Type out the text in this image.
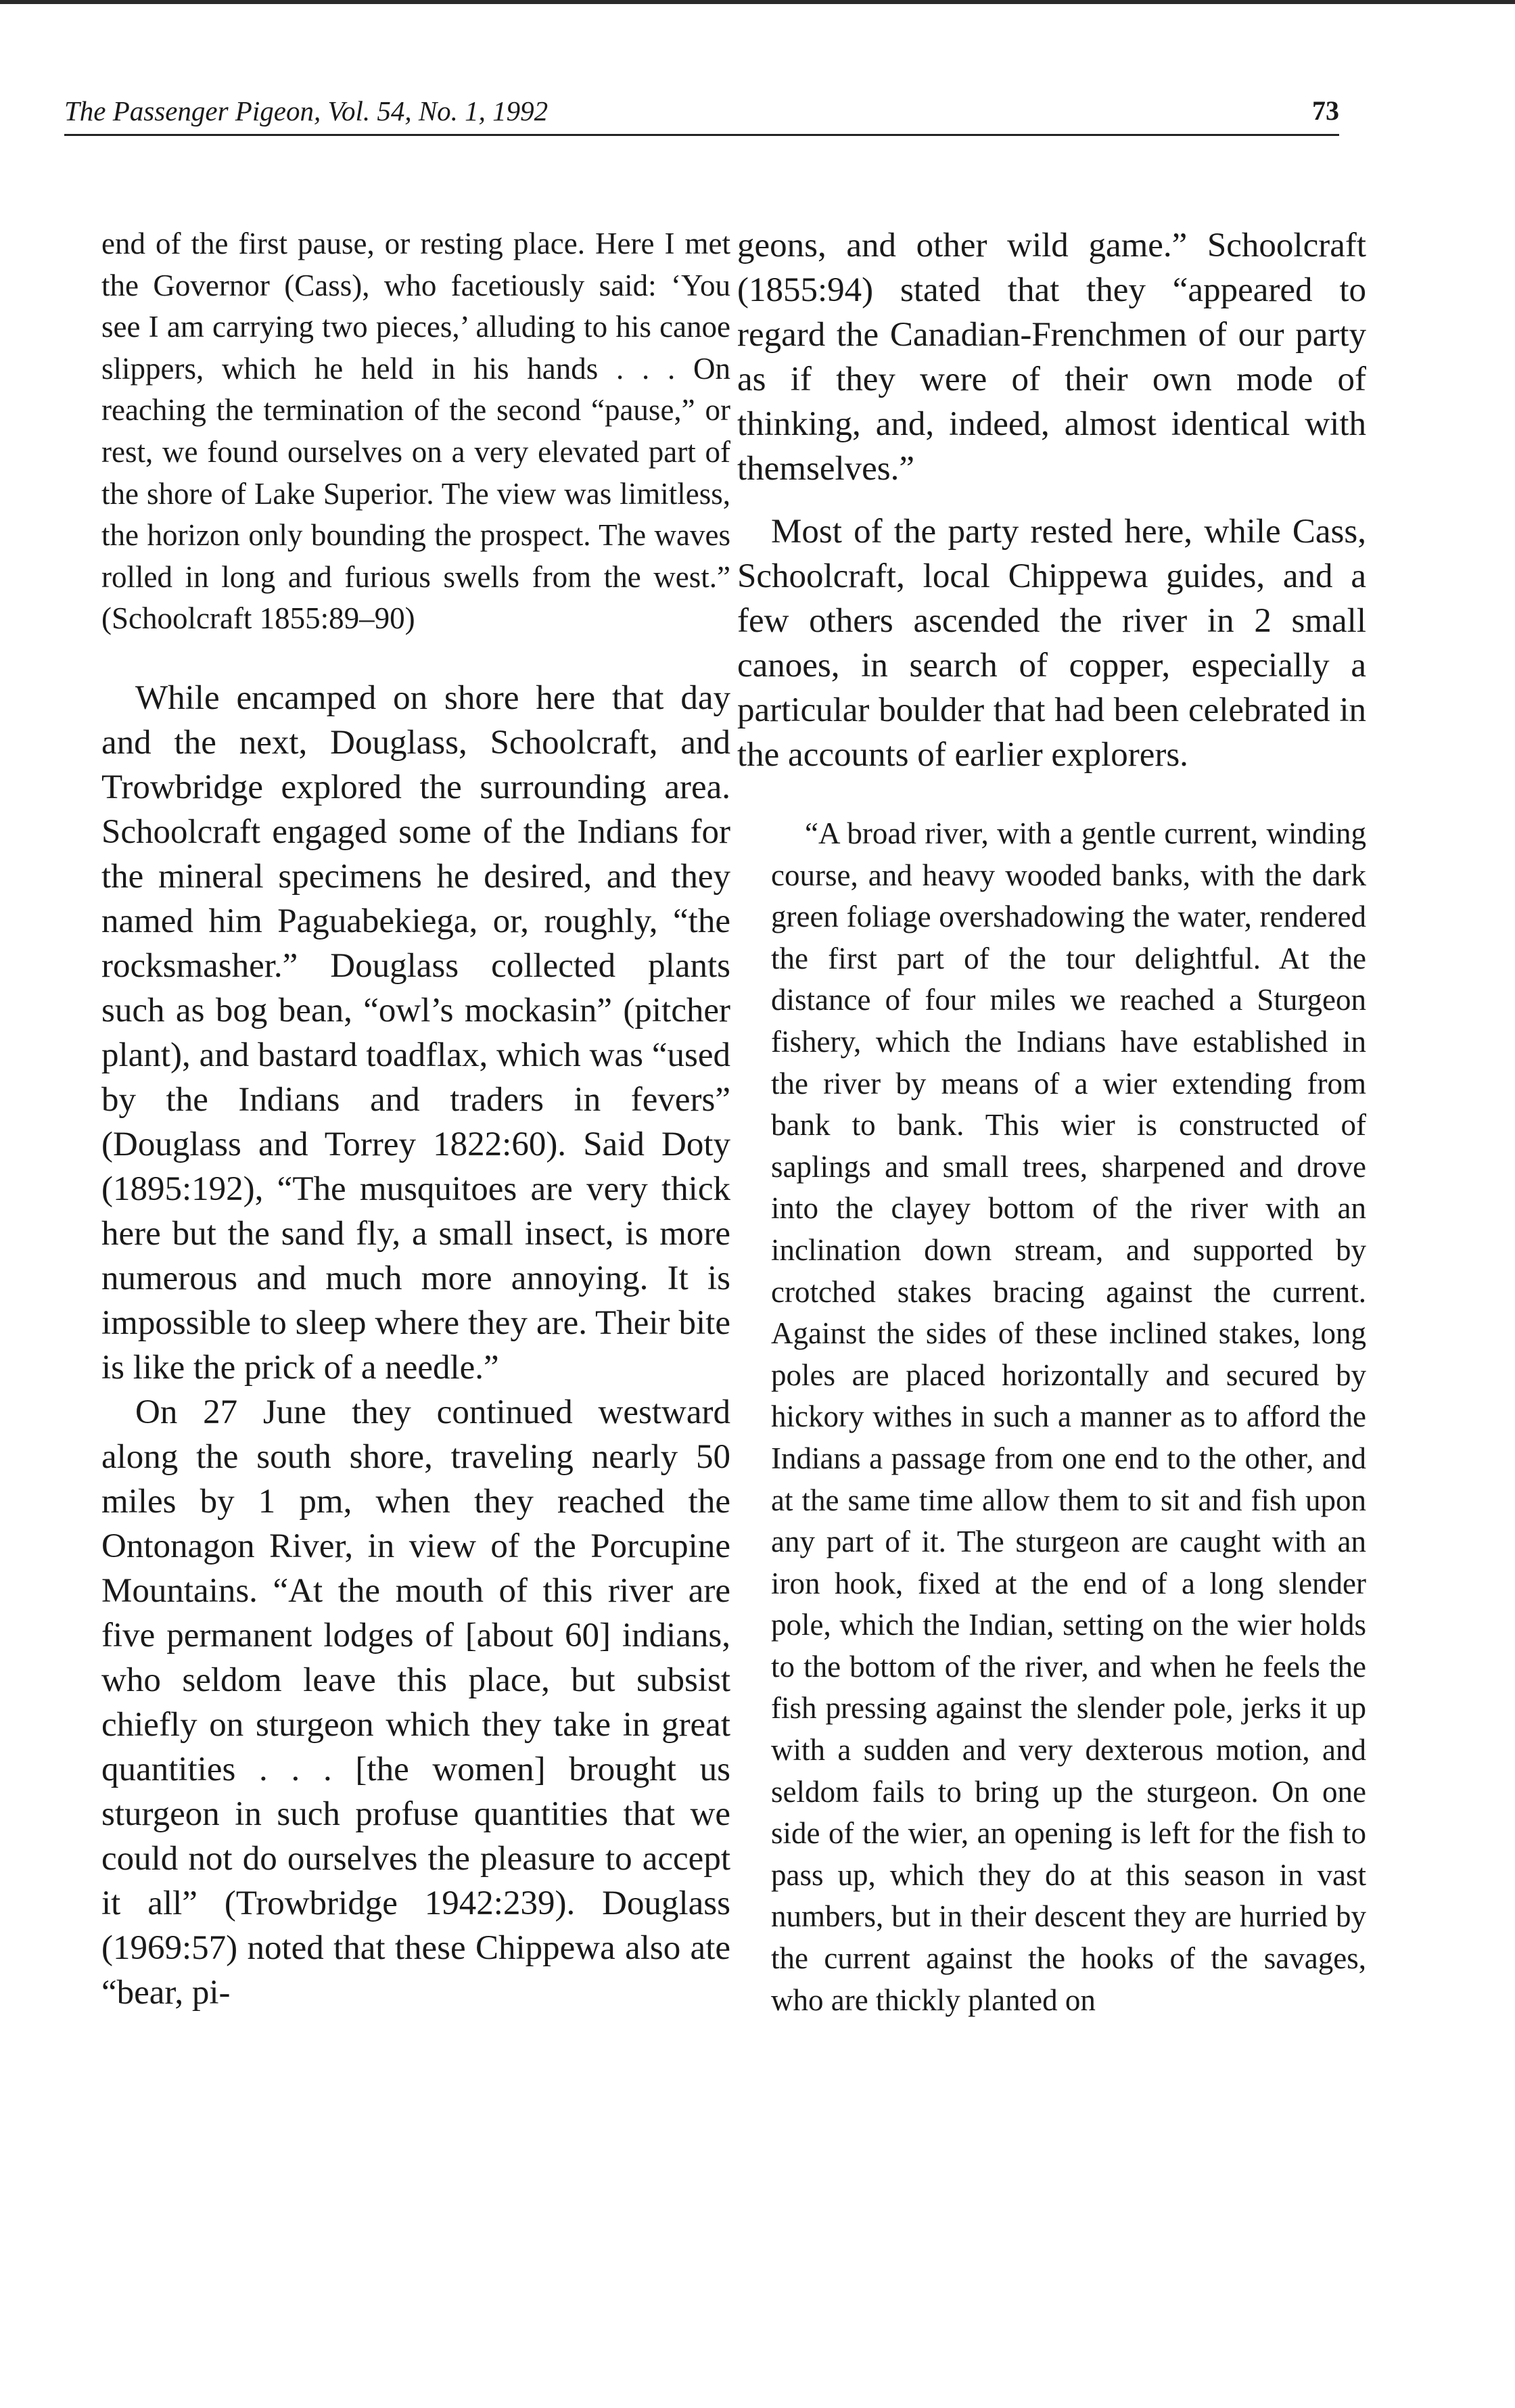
The Passenger Pigeon, Vol. 54, No. 1, 1992	73

end of the first pause, or resting place. Here I met the Governor (Cass), who facetiously said: ‘You see I am carrying two pieces,’ alluding to his canoe slippers, which he held in his hands . . . On reaching the termination of the second “pause,” or rest, we found ourselves on a very elevated part of the shore of Lake Superior. The view was limitless, the horizon only bounding the prospect. The waves rolled in long and furious swells from the west.” (Schoolcraft 1855:89–90)

While encamped on shore here that day and the next, Douglass, Schoolcraft, and Trowbridge explored the surrounding area. Schoolcraft engaged some of the Indians for the mineral specimens he desired, and they named him Paguabekiega, or, roughly, “the rocksmasher.” Douglass collected plants such as bog bean, “owl’s mockasin” (pitcher plant), and bastard toadflax, which was “used by the Indians and traders in fevers” (Douglass and Torrey 1822:60). Said Doty (1895:192), “The musquitoes are very thick here but the sand fly, a small insect, is more numerous and much more annoying. It is impossible to sleep where they are. Their bite is like the prick of a needle.”

On 27 June they continued westward along the south shore, traveling nearly 50 miles by 1 pm, when they reached the Ontonagon River, in view of the Porcupine Mountains. “At the mouth of this river are five permanent lodges of [about 60] indians, who seldom leave this place, but subsist chiefly on sturgeon which they take in great quantities . . . [the women] brought us sturgeon in such profuse quantities that we could not do ourselves the pleasure to accept it all” (Trowbridge 1942:239). Douglass (1969:57) noted that these Chippewa also ate “bear, pi-

geons, and other wild game.” Schoolcraft (1855:94) stated that they “appeared to regard the Canadian-Frenchmen of our party as if they were of their own mode of thinking, and, indeed, almost identical with themselves.”

Most of the party rested here, while Cass, Schoolcraft, local Chippewa guides, and a few others ascended the river in 2 small canoes, in search of copper, especially a particular boulder that had been celebrated in the accounts of earlier explorers.

“A broad river, with a gentle current, winding course, and heavy wooded banks, with the dark green foliage overshadowing the water, rendered the first part of the tour delightful. At the distance of four miles we reached a Sturgeon fishery, which the Indians have established in the river by means of a wier extending from bank to bank. This wier is constructed of saplings and small trees, sharpened and drove into the clayey bottom of the river with an inclination down stream, and supported by crotched stakes bracing against the current. Against the sides of these inclined stakes, long poles are placed horizontally and secured by hickory withes in such a manner as to afford the Indians a passage from one end to the other, and at the same time allow them to sit and fish upon any part of it. The sturgeon are caught with an iron hook, fixed at the end of a long slender pole, which the Indian, setting on the wier holds to the bottom of the river, and when he feels the fish pressing against the slender pole, jerks it up with a sudden and very dexterous motion, and seldom fails to bring up the sturgeon. On one side of the wier, an opening is left for the fish to pass up, which they do at this season in vast numbers, but in their descent they are hurried by the current against the hooks of the savages, who are thickly planted on
